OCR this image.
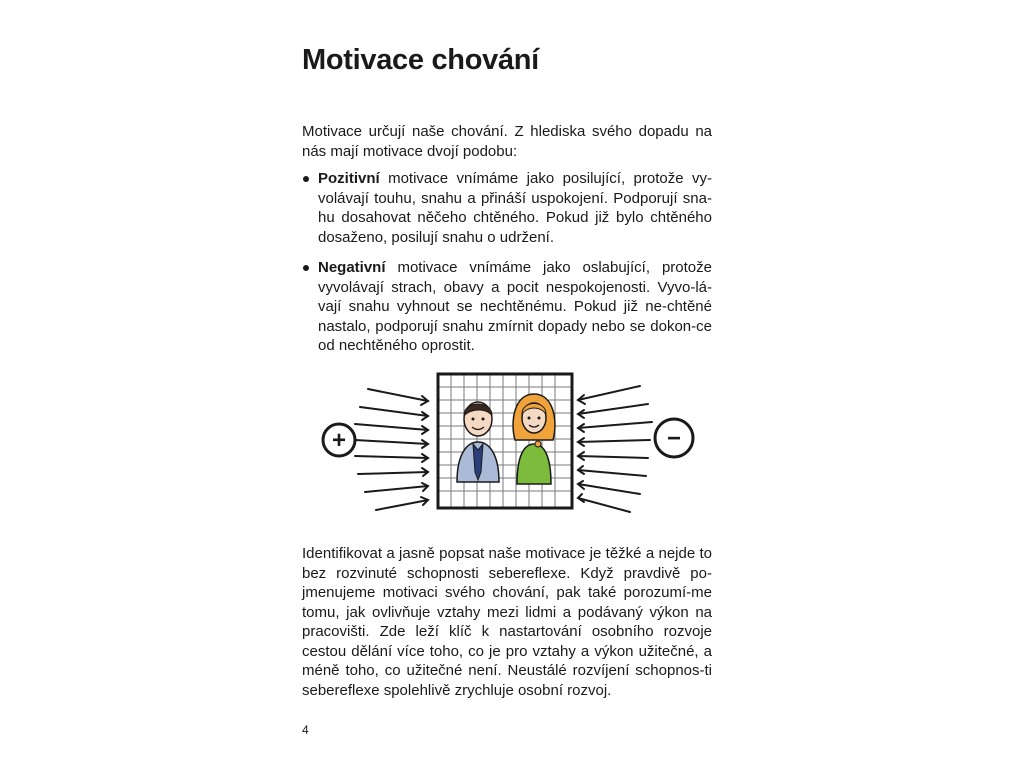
Motivace chování

Motivace určují naše chování. Z hlediska svého dopadu na nás mají motivace dvojí podobu:

Pozitivní motivace vnímáme jako posilující, protože vy-volávají touhu, snahu a přináší uspokojení. Podporují sna-hu dosahovat něčeho chtěného. Pokud již bylo chtěného dosaženo, posilují snahu o udržení.
Negativní motivace vnímáme jako oslabující, protože vyvolávají strach, obavy a pocit nespokojenosti. Vyvo-lá-vají snahu vyhnout se nechtěnému. Pokud již ne-chtěné nastalo, podporují snahu zmírnit dopady nebo se dokon-ce od nechtěného oprostit.
+	−

Identifikovat a jasně popsat naše motivace je těžké a nejde to bez rozvinuté schopnosti sebereflexe. Když pravdivě po-jmenujeme motivaci svého chování, pak také porozumí-me tomu, jak ovlivňuje vztahy mezi lidmi a podávaný výkon na pracovišti. Zde leží klíč k nastartování osobního rozvoje cestou dělání více toho, co je pro vztahy a výkon užitečné, a méně toho, co užitečné není. Neustálé rozvíjení schopnos-ti sebereflexe spolehlivě zrychluje osobní rozvoj.

4
